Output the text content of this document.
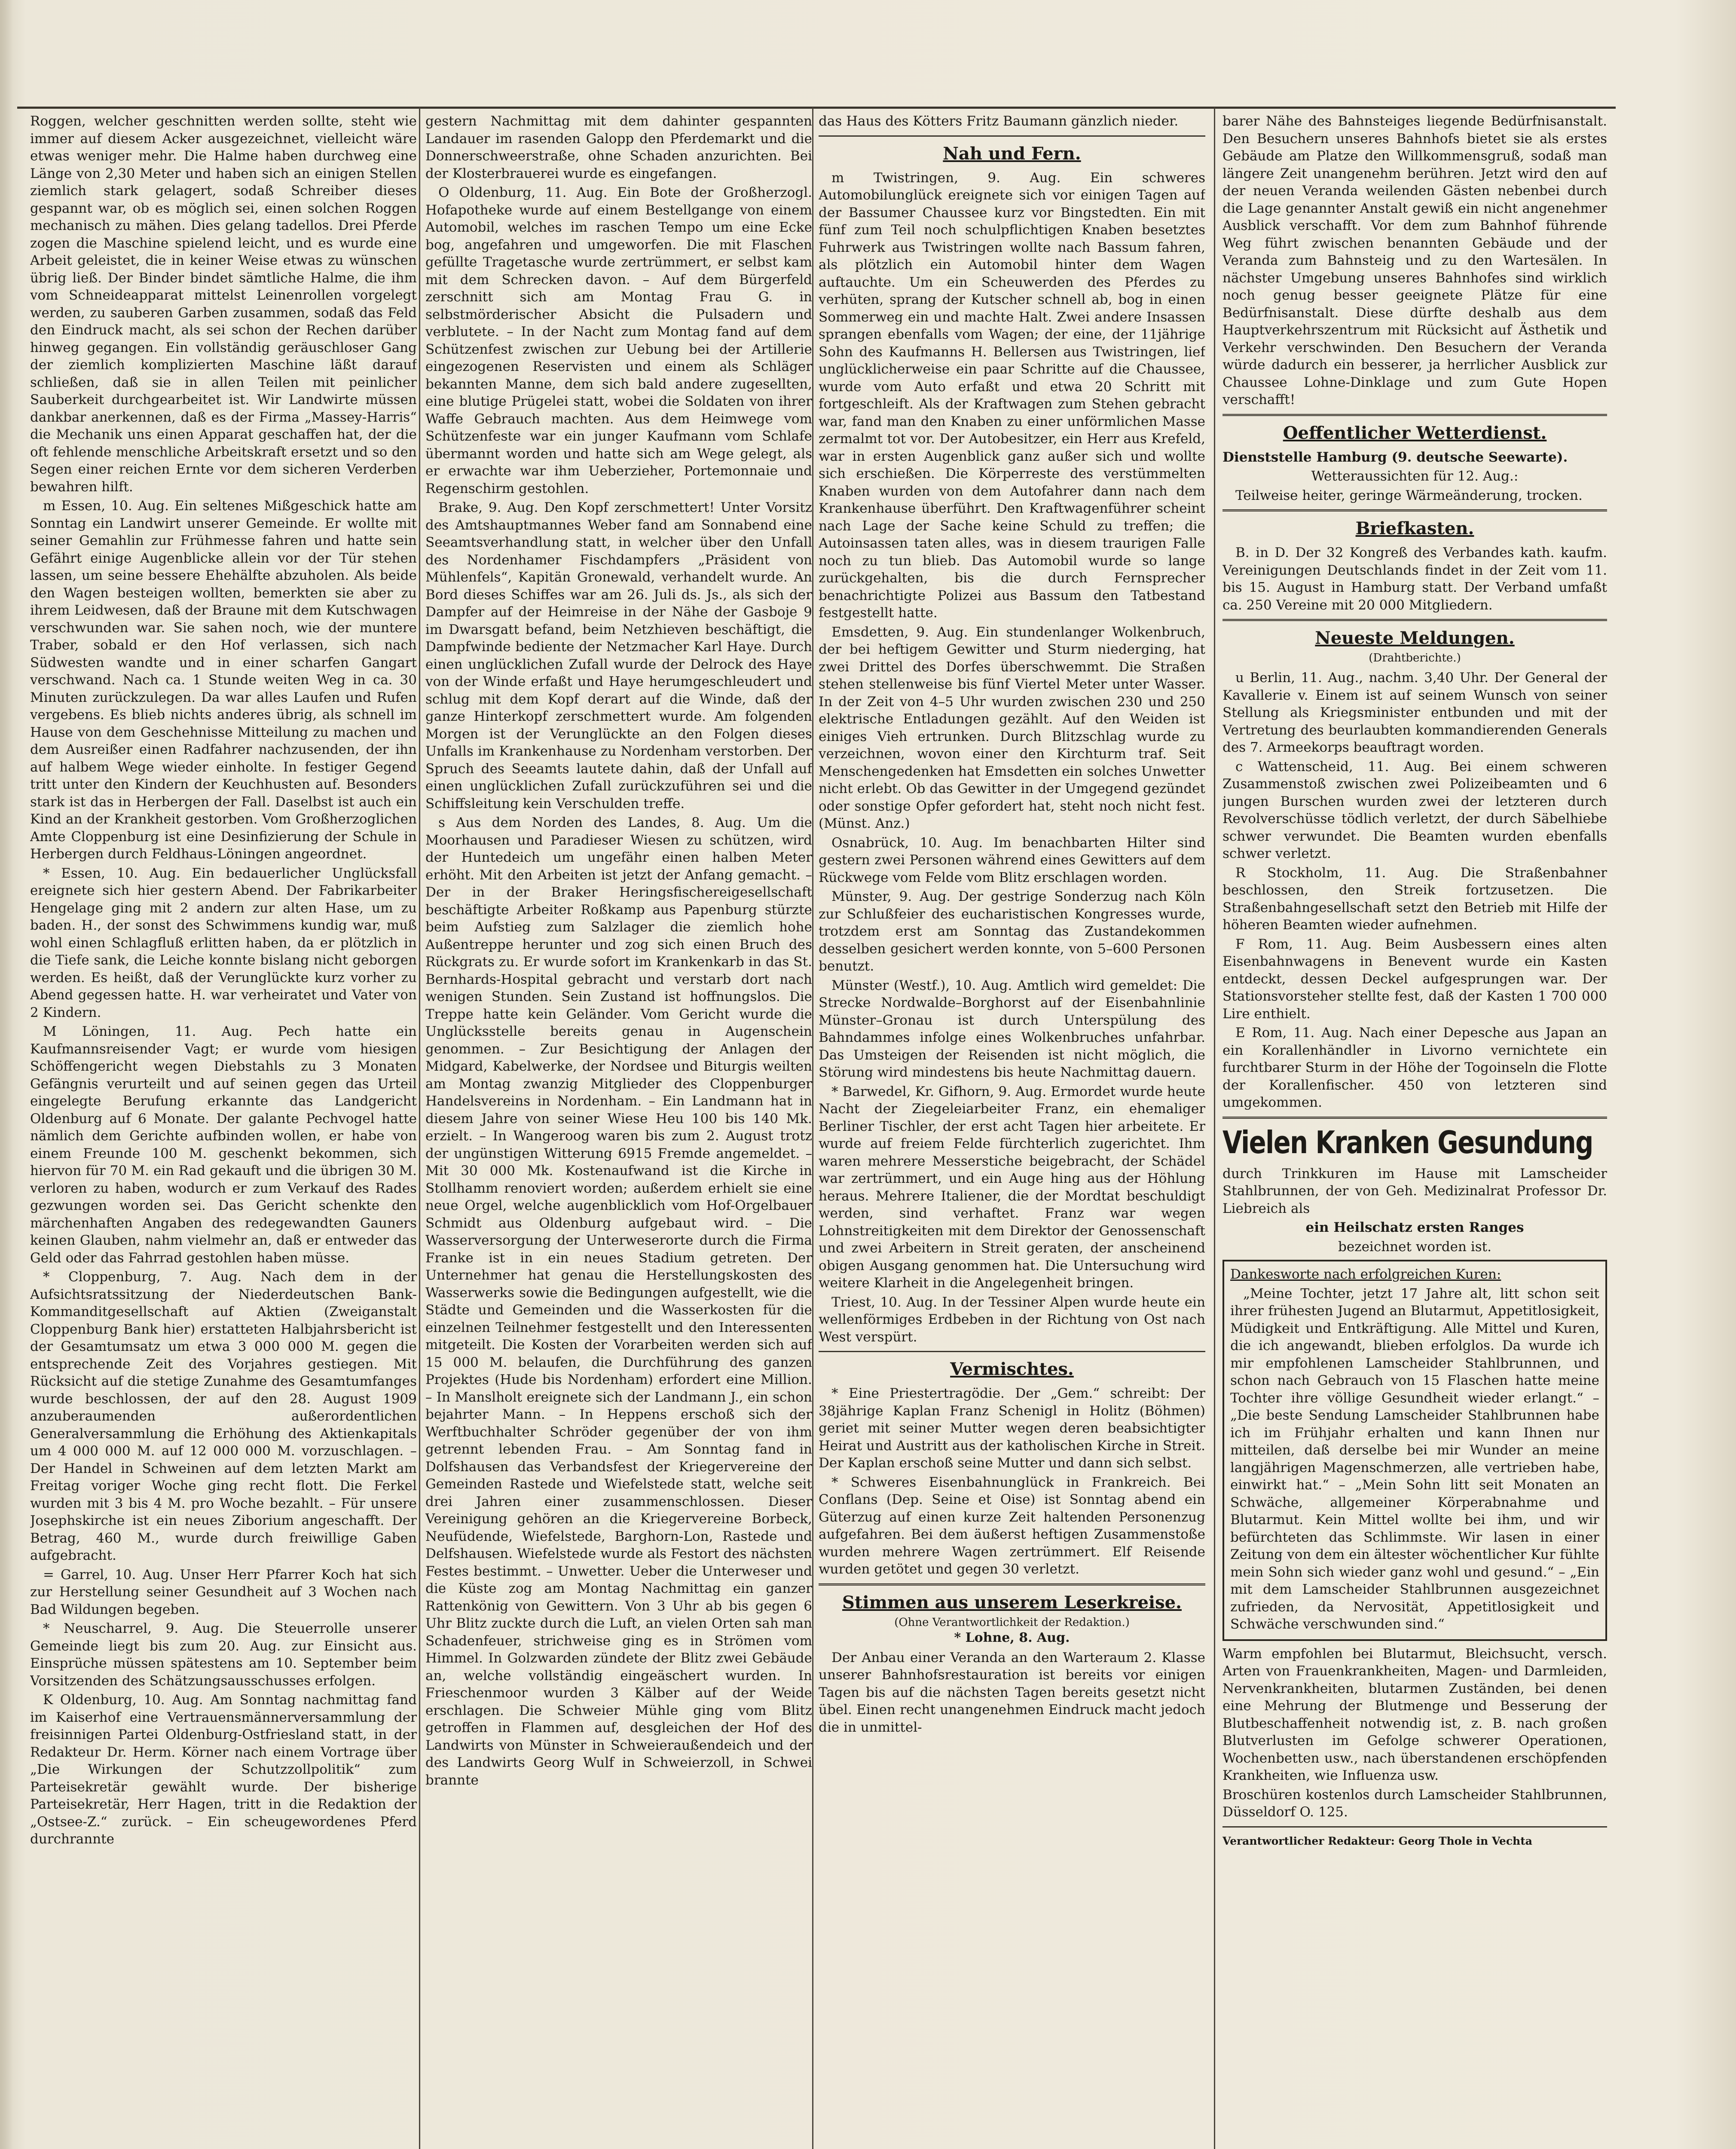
Roggen, welcher geschnitten werden sollte, steht wie immer auf diesem Acker ausgezeichnet, vielleicht wäre etwas weniger mehr. Die Halme haben durchweg eine Länge von 2,30 Meter und haben sich an einigen Stellen ziemlich stark gelagert, sodaß Schreiber dieses gespannt war, ob es möglich sei, einen solchen Roggen mechanisch zu mähen. Dies gelang tadellos. Drei Pferde zogen die Maschine spielend leicht, und es wurde eine Arbeit geleistet, die in keiner Weise etwas zu wünschen übrig ließ. Der Binder bindet sämtliche Halme, die ihm vom Schneideapparat mittelst Leinenrollen vorgelegt werden, zu sauberen Garben zusammen, sodaß das Feld den Eindruck macht, als sei schon der Rechen darüber hinweg gegangen. Ein vollständig geräuschloser Gang der ziemlich komplizierten Maschine läßt darauf schließen, daß sie in allen Teilen mit peinlicher Sauberkeit durchgearbeitet ist. Wir Landwirte müssen dankbar anerkennen, daß es der Firma „Massey-Harris“ die Mechanik uns einen Apparat geschaffen hat, der die oft fehlende menschliche Arbeitskraft ersetzt und so den Segen einer reichen Ernte vor dem sicheren Verderben bewahren hilft.

m Essen, 10. Aug. Ein seltenes Mißgeschick hatte am Sonntag ein Landwirt unserer Gemeinde. Er wollte mit seiner Gemahlin zur Frühmesse fahren und hatte sein Gefährt einige Augenblicke allein vor der Tür stehen lassen, um seine bessere Ehehälfte abzuholen. Als beide den Wagen besteigen wollten, bemerkten sie aber zu ihrem Leidwesen, daß der Braune mit dem Kutschwagen verschwunden war. Sie sahen noch, wie der muntere Traber, sobald er den Hof verlassen, sich nach Südwesten wandte und in einer scharfen Gangart verschwand. Nach ca. 1 Stunde weiten Weg in ca. 30 Minuten zurückzulegen. Da war alles Laufen und Rufen vergebens. Es blieb nichts anderes übrig, als schnell im Hause von dem Geschehnisse Mitteilung zu machen und dem Ausreißer einen Radfahrer nachzusenden, der ihn auf halbem Wege wieder einholte. In festiger Gegend tritt unter den Kindern der Keuchhusten auf. Besonders stark ist das in Herbergen der Fall. Daselbst ist auch ein Kind an der Krankheit gestorben. Vom Großherzoglichen Amte Cloppenburg ist eine Desinfizierung der Schule in Herbergen durch Feldhaus-Löningen angeordnet.

* Essen, 10. Aug. Ein bedauerlicher Unglücksfall ereignete sich hier gestern Abend. Der Fabrikarbeiter Hengelage ging mit 2 andern zur alten Hase, um zu baden. H., der sonst des Schwimmens kundig war, muß wohl einen Schlagfluß erlitten haben, da er plötzlich in die Tiefe sank, die Leiche konnte bislang nicht geborgen werden. Es heißt, daß der Verunglückte kurz vorher zu Abend gegessen hatte. H. war verheiratet und Vater von 2 Kindern.

M Löningen, 11. Aug. Pech hatte ein Kaufmannsreisender Vagt; er wurde vom hiesigen Schöffengericht wegen Diebstahls zu 3 Monaten Gefängnis verurteilt und auf seinen gegen das Urteil eingelegte Berufung erkannte das Landgericht Oldenburg auf 6 Monate. Der galante Pechvogel hatte nämlich dem Gerichte aufbinden wollen, er habe von einem Freunde 100 M. geschenkt bekommen, sich hiervon für 70 M. ein Rad gekauft und die übrigen 30 M. verloren zu haben, wodurch er zum Verkauf des Rades gezwungen worden sei. Das Gericht schenkte den märchenhaften Angaben des redegewandten Gauners keinen Glauben, nahm vielmehr an, daß er entweder das Geld oder das Fahrrad gestohlen haben müsse.

* Cloppenburg, 7. Aug. Nach dem in der Aufsichtsratssitzung der Niederdeutschen Bank-Kommanditgesellschaft auf Aktien (Zweiganstalt Cloppenburg Bank hier) erstatteten Halbjahrsbericht ist der Gesamtumsatz um etwa 3 000 000 M. gegen die entsprechende Zeit des Vorjahres gestiegen. Mit Rücksicht auf die stetige Zunahme des Gesamtumfanges wurde beschlossen, der auf den 28. August 1909 anzuberaumenden außerordentlichen Generalversammlung die Erhöhung des Aktienkapitals um 4 000 000 M. auf 12 000 000 M. vorzuschlagen. – Der Handel in Schweinen auf dem letzten Markt am Freitag voriger Woche ging recht flott. Die Ferkel wurden mit 3 bis 4 M. pro Woche bezahlt. – Für unsere Josephskirche ist ein neues Ziborium angeschafft. Der Betrag, 460 M., wurde durch freiwillige Gaben aufgebracht.

= Garrel, 10. Aug. Unser Herr Pfarrer Koch hat sich zur Herstellung seiner Gesundheit auf 3 Wochen nach Bad Wildungen begeben.

* Neuscharrel, 9. Aug. Die Steuerrolle unserer Gemeinde liegt bis zum 20. Aug. zur Einsicht aus. Einsprüche müssen spätestens am 10. September beim Vorsitzenden des Schätzungsausschusses erfolgen.

K Oldenburg, 10. Aug. Am Sonntag nachmittag fand im Kaiserhof eine Vertrauensmännerversammlung der freisinnigen Partei Oldenburg-Ostfriesland statt, in der Redakteur Dr. Herm. Körner nach einem Vortrage über „Die Wirkungen der Schutzzollpolitik“ zum Parteisekretär gewählt wurde. Der bisherige Parteisekretär, Herr Hagen, tritt in die Redaktion der „Ostsee-Z.“ zurück. – Ein scheugewordenes Pferd durchrannte

gestern Nachmittag mit dem dahinter gespannten Landauer im rasenden Galopp den Pferdemarkt und die Donnerschweerstraße, ohne Schaden anzurichten. Bei der Klosterbrauerei wurde es eingefangen.

O Oldenburg, 11. Aug. Ein Bote der Großherzogl. Hofapotheke wurde auf einem Bestellgange von einem Automobil, welches im raschen Tempo um eine Ecke bog, angefahren und umgeworfen. Die mit Flaschen gefüllte Tragetasche wurde zertrümmert, er selbst kam mit dem Schrecken davon. – Auf dem Bürgerfeld zerschnitt sich am Montag Frau G. in selbstmörderischer Absicht die Pulsadern und verblutete. – In der Nacht zum Montag fand auf dem Schützenfest zwischen zur Uebung bei der Artillerie eingezogenen Reservisten und einem als Schläger bekannten Manne, dem sich bald andere zugesellten, eine blutige Prügelei statt, wobei die Soldaten von ihrer Waffe Gebrauch machten. Aus dem Heimwege vom Schützenfeste war ein junger Kaufmann vom Schlafe übermannt worden und hatte sich am Wege gelegt, als er erwachte war ihm Ueberzieher, Portemonnaie und Regenschirm gestohlen.

Brake, 9. Aug. Den Kopf zerschmettert! Unter Vorsitz des Amtshauptmannes Weber fand am Sonnabend eine Seeamtsverhandlung statt, in welcher über den Unfall des Nordenhamer Fischdampfers „Präsident von Mühlenfels“, Kapitän Gronewald, verhandelt wurde. An Bord dieses Schiffes war am 26. Juli ds. Js., als sich der Dampfer auf der Heimreise in der Nähe der Gasboje 9 im Dwarsgatt befand, beim Netzhieven beschäftigt, die Dampfwinde bediente der Netzmacher Karl Haye. Durch einen unglücklichen Zufall wurde der Delrock des Haye von der Winde erfaßt und Haye herumgeschleudert und schlug mit dem Kopf derart auf die Winde, daß der ganze Hinterkopf zerschmettert wurde. Am folgenden Morgen ist der Verunglückte an den Folgen dieses Unfalls im Krankenhause zu Nordenham verstorben. Der Spruch des Seeamts lautete dahin, daß der Unfall auf einen unglücklichen Zufall zurückzuführen sei und die Schiffsleitung kein Verschulden treffe.

s Aus dem Norden des Landes, 8. Aug. Um die Moorhausen und Paradieser Wiesen zu schützen, wird der Huntedeich um ungefähr einen halben Meter erhöht. Mit den Arbeiten ist jetzt der Anfang gemacht. – Der in der Braker Heringsfischereigesellschaft beschäftigte Arbeiter Roßkamp aus Papenburg stürzte beim Aufstieg zum Salzlager die ziemlich hohe Außentreppe herunter und zog sich einen Bruch des Rückgrats zu. Er wurde sofort im Krankenkarb in das St. Bernhards-Hospital gebracht und verstarb dort nach wenigen Stunden. Sein Zustand ist hoffnungslos. Die Treppe hatte kein Geländer. Vom Gericht wurde die Unglücksstelle bereits genau in Augenschein genommen. – Zur Besichtigung der Anlagen der Midgard, Kabelwerke, der Nordsee und Biturgis weilten am Montag zwanzig Mitglieder des Cloppenburger Handelsvereins in Nordenham. – Ein Landmann hat in diesem Jahre von seiner Wiese Heu 100 bis 140 Mk. erzielt. – In Wangeroog waren bis zum 2. August trotz der ungünstigen Witterung 6915 Fremde angemeldet. – Mit 30 000 Mk. Kostenaufwand ist die Kirche in Stollhamm renoviert worden; außerdem erhielt sie eine neue Orgel, welche augenblicklich vom Hof-Orgelbauer Schmidt aus Oldenburg aufgebaut wird. – Die Wasserversorgung der Unterweserorte durch die Firma Franke ist in ein neues Stadium getreten. Der Unternehmer hat genau die Herstellungskosten des Wasserwerks sowie die Bedingungen aufgestellt, wie die Städte und Gemeinden und die Wasserkosten für die einzelnen Teilnehmer festgestellt und den Interessenten mitgeteilt. Die Kosten der Vorarbeiten werden sich auf 15 000 M. belaufen, die Durchführung des ganzen Projektes (Hude bis Nordenham) erfordert eine Million. – In Manslholt ereignete sich der Landmann J., ein schon bejahrter Mann. – In Heppens erschoß sich der Werftbuchhalter Schröder gegenüber der von ihm getrennt lebenden Frau. – Am Sonntag fand in Dolfshausen das Verbandsfest der Kriegervereine der Gemeinden Rastede und Wiefelstede statt, welche seit drei Jahren einer zusammenschlossen. Dieser Vereinigung gehören an die Kriegervereine Borbeck, Neufüdende, Wiefelstede, Barghorn-Lon, Rastede und Delfshausen. Wiefelstede wurde als Festort des nächsten Festes bestimmt. – Unwetter. Ueber die Unterweser und die Küste zog am Montag Nachmittag ein ganzer Rattenkönig von Gewittern. Von 3 Uhr ab bis gegen 6 Uhr Blitz zuckte durch die Luft, an vielen Orten sah man Schadenfeuer, strichweise ging es in Strömen vom Himmel. In Golzwarden zündete der Blitz zwei Gebäude an, welche vollständig eingeäschert wurden. In Frieschenmoor wurden 3 Kälber auf der Weide erschlagen. Die Schweier Mühle ging vom Blitz getroffen in Flammen auf, desgleichen der Hof des Landwirts von Münster in Schweieraußendeich und der des Landwirts Georg Wulf in Schweierzoll, in Schwei brannte

das Haus des Kötters Fritz Baumann gänzlich nieder.

Nah und Fern.

m Twistringen, 9. Aug. Ein schweres Automobilunglück ereignete sich vor einigen Tagen auf der Bassumer Chaussee kurz vor Bingstedten. Ein mit fünf zum Teil noch schulpflichtigen Knaben besetztes Fuhrwerk aus Twistringen wollte nach Bassum fahren, als plötzlich ein Automobil hinter dem Wagen auftauchte. Um ein Scheuwerden des Pferdes zu verhüten, sprang der Kutscher schnell ab, bog in einen Sommerweg ein und machte Halt. Zwei andere Insassen sprangen ebenfalls vom Wagen; der eine, der 11jährige Sohn des Kaufmanns H. Bellersen aus Twistringen, lief unglücklicherweise ein paar Schritte auf die Chaussee, wurde vom Auto erfaßt und etwa 20 Schritt mit fortgeschleift. Als der Kraftwagen zum Stehen gebracht war, fand man den Knaben zu einer unförmlichen Masse zermalmt tot vor. Der Autobesitzer, ein Herr aus Krefeld, war in ersten Augenblick ganz außer sich und wollte sich erschießen. Die Körperreste des verstümmelten Knaben wurden von dem Autofahrer dann nach dem Krankenhause überführt. Den Kraftwagenführer scheint nach Lage der Sache keine Schuld zu treffen; die Autoinsassen taten alles, was in diesem traurigen Falle noch zu tun blieb. Das Automobil wurde so lange zurückgehalten, bis die durch Fernsprecher benachrichtigte Polizei aus Bassum den Tatbestand festgestellt hatte.

Emsdetten, 9. Aug. Ein stundenlanger Wolkenbruch, der bei heftigem Gewitter und Sturm niederging, hat zwei Drittel des Dorfes überschwemmt. Die Straßen stehen stellenweise bis fünf Viertel Meter unter Wasser. In der Zeit von 4–5 Uhr wurden zwischen 230 und 250 elektrische Entladungen gezählt. Auf den Weiden ist einiges Vieh ertrunken. Durch Blitzschlag wurde zu verzeichnen, wovon einer den Kirchturm traf. Seit Menschengedenken hat Emsdetten ein solches Unwetter nicht erlebt. Ob das Gewitter in der Umgegend gezündet oder sonstige Opfer gefordert hat, steht noch nicht fest. (Münst. Anz.)

Osnabrück, 10. Aug. Im benachbarten Hilter sind gestern zwei Personen während eines Gewitters auf dem Rückwege vom Felde vom Blitz erschlagen worden.

Münster, 9. Aug. Der gestrige Sonderzug nach Köln zur Schlußfeier des eucharistischen Kongresses wurde, trotzdem erst am Sonntag das Zustandekommen desselben gesichert werden konnte, von 5–600 Personen benutzt.

Münster (Westf.), 10. Aug. Amtlich wird gemeldet: Die Strecke Nordwalde–Borghorst auf der Eisenbahnlinie Münster–Gronau ist durch Unterspülung des Bahndammes infolge eines Wolkenbruches unfahrbar. Das Umsteigen der Reisenden ist nicht möglich, die Störung wird mindestens bis heute Nachmittag dauern.

* Barwedel, Kr. Gifhorn, 9. Aug. Ermordet wurde heute Nacht der Ziegeleiarbeiter Franz, ein ehemaliger Berliner Tischler, der erst acht Tagen hier arbeitete. Er wurde auf freiem Felde fürchterlich zugerichtet. Ihm waren mehrere Messerstiche beigebracht, der Schädel war zertrümmert, und ein Auge hing aus der Höhlung heraus. Mehrere Italiener, die der Mordtat beschuldigt werden, sind verhaftet. Franz war wegen Lohnstreitigkeiten mit dem Direktor der Genossenschaft und zwei Arbeitern in Streit geraten, der anscheinend obigen Ausgang genommen hat. Die Untersuchung wird weitere Klarheit in die Angelegenheit bringen.

Triest, 10. Aug. In der Tessiner Alpen wurde heute ein wellenförmiges Erdbeben in der Richtung von Ost nach West verspürt.

Vermischtes.

* Eine Priestertragödie. Der „Gem.“ schreibt: Der 38jährige Kaplan Franz Schenigl in Holitz (Böhmen) geriet mit seiner Mutter wegen deren beabsichtigter Heirat und Austritt aus der katholischen Kirche in Streit. Der Kaplan erschoß seine Mutter und dann sich selbst.

* Schweres Eisenbahnunglück in Frankreich. Bei Conflans (Dep. Seine et Oise) ist Sonntag abend ein Güterzug auf einen kurze Zeit haltenden Personenzug aufgefahren. Bei dem äußerst heftigen Zusammenstoße wurden mehrere Wagen zertrümmert. Elf Reisende wurden getötet und gegen 30 verletzt.

Stimmen aus unserem Leserkreise.
(Ohne Verantwortlichkeit der Redaktion.)
* Lohne, 8. Aug.

Der Anbau einer Veranda an den Warteraum 2. Klasse unserer Bahnhofsrestauration ist bereits vor einigen Tagen bis auf die nächsten Tagen bereits gesetzt nicht übel. Einen recht unangenehmen Eindruck macht jedoch die in unmittel-

barer Nähe des Bahnsteiges liegende Bedürfnisanstalt. Den Besuchern unseres Bahnhofs bietet sie als erstes Gebäude am Platze den Willkommensgruß, sodaß man längere Zeit unangenehm berühren. Jetzt wird den auf der neuen Veranda weilenden Gästen nebenbei durch die Lage genannter Anstalt gewiß ein nicht angenehmer Ausblick verschafft. Vor dem zum Bahnhof führende Weg führt zwischen benannten Gebäude und der Veranda zum Bahnsteig und zu den Wartesälen. In nächster Umgebung unseres Bahnhofes sind wirklich noch genug besser geeignete Plätze für eine Bedürfnisanstalt. Diese dürfte deshalb aus dem Hauptverkehrszentrum mit Rücksicht auf Ästhetik und Verkehr verschwinden. Den Besuchern der Veranda würde dadurch ein besserer, ja herrlicher Ausblick zur Chaussee Lohne-Dinklage und zum Gute Hopen verschafft!

Oeffentlicher Wetterdienst.

Dienststelle Hamburg (9. deutsche Seewarte).

Wetteraussichten für 12. Aug.:

Teilweise heiter, geringe Wärmeänderung, trocken.

Briefkasten.

B. in D. Der 32 Kongreß des Verbandes kath. kaufm. Vereinigungen Deutschlands findet in der Zeit vom 11. bis 15. August in Hamburg statt. Der Verband umfaßt ca. 250 Vereine mit 20 000 Mitgliedern.

Neueste Meldungen.
(Drahtberichte.)

u Berlin, 11. Aug., nachm. 3,40 Uhr. Der General der Kavallerie v. Einem ist auf seinem Wunsch von seiner Stellung als Kriegsminister entbunden und mit der Vertretung des beurlaubten kommandierenden Generals des 7. Armeekorps beauftragt worden.

c Wattenscheid, 11. Aug. Bei einem schweren Zusammenstoß zwischen zwei Polizeibeamten und 6 jungen Burschen wurden zwei der letzteren durch Revolverschüsse tödlich verletzt, der durch Säbelhiebe schwer verwundet. Die Beamten wurden ebenfalls schwer verletzt.

R Stockholm, 11. Aug. Die Straßenbahner beschlossen, den Streik fortzusetzen. Die Straßenbahngesellschaft setzt den Betrieb mit Hilfe der höheren Beamten wieder aufnehmen.

F Rom, 11. Aug. Beim Ausbessern eines alten Eisenbahnwagens in Benevent wurde ein Kasten entdeckt, dessen Deckel aufgesprungen war. Der Stationsvorsteher stellte fest, daß der Kasten 1 700 000 Lire enthielt.

E Rom, 11. Aug. Nach einer Depesche aus Japan an ein Korallenhändler in Livorno vernichtete ein furchtbarer Sturm in der Höhe der Togoinseln die Flotte der Korallenfischer. 450 von letzteren sind umgekommen.

Vielen Kranken Gesundung

durch Trinkkuren im Hause mit Lamscheider Stahlbrunnen, der von Geh. Medizinalrat Professor Dr. Liebreich als

ein Heilschatz ersten Ranges

bezeichnet worden ist.

Dankesworte nach erfolgreichen Kuren:

„Meine Tochter, jetzt 17 Jahre alt, litt schon seit ihrer frühesten Jugend an Blutarmut, Appetitlosigkeit, Müdigkeit und Entkräftigung. Alle Mittel und Kuren, die ich angewandt, blieben erfolglos. Da wurde ich mir empfohlenen Lamscheider Stahlbrunnen, und schon nach Gebrauch von 15 Flaschen hatte meine Tochter ihre völlige Gesundheit wieder erlangt.“ – „Die beste Sendung Lamscheider Stahlbrunnen habe ich im Frühjahr erhalten und kann Ihnen nur mitteilen, daß derselbe bei mir Wunder an meine langjährigen Magenschmerzen, alle vertrieben habe, einwirkt hat.“ – „Mein Sohn litt seit Monaten an Schwäche, allgemeiner Körperabnahme und Blutarmut. Kein Mittel wollte bei ihm, und wir befürchteten das Schlimmste. Wir lasen in einer Zeitung von dem ein ältester wöchentlicher Kur fühlte mein Sohn sich wieder ganz wohl und gesund.“ – „Ein mit dem Lamscheider Stahlbrunnen ausgezeichnet zufrieden, da Nervosität, Appetitlosigkeit und Schwäche verschwunden sind.“

Warm empfohlen bei Blutarmut, Bleichsucht, versch. Arten von Frauenkrankheiten, Magen- und Darmleiden, Nervenkrankheiten, blutarmen Zuständen, bei denen eine Mehrung der Blutmenge und Besserung der Blutbeschaffenheit notwendig ist, z. B. nach großen Blutverlusten im Gefolge schwerer Operationen, Wochenbetten usw., nach überstandenen erschöpfenden Krankheiten, wie Influenza usw.

Broschüren kostenlos durch Lamscheider Stahlbrunnen, Düsseldorf O. 125.

Verantwortlicher Redakteur: Georg Thole in Vechta
